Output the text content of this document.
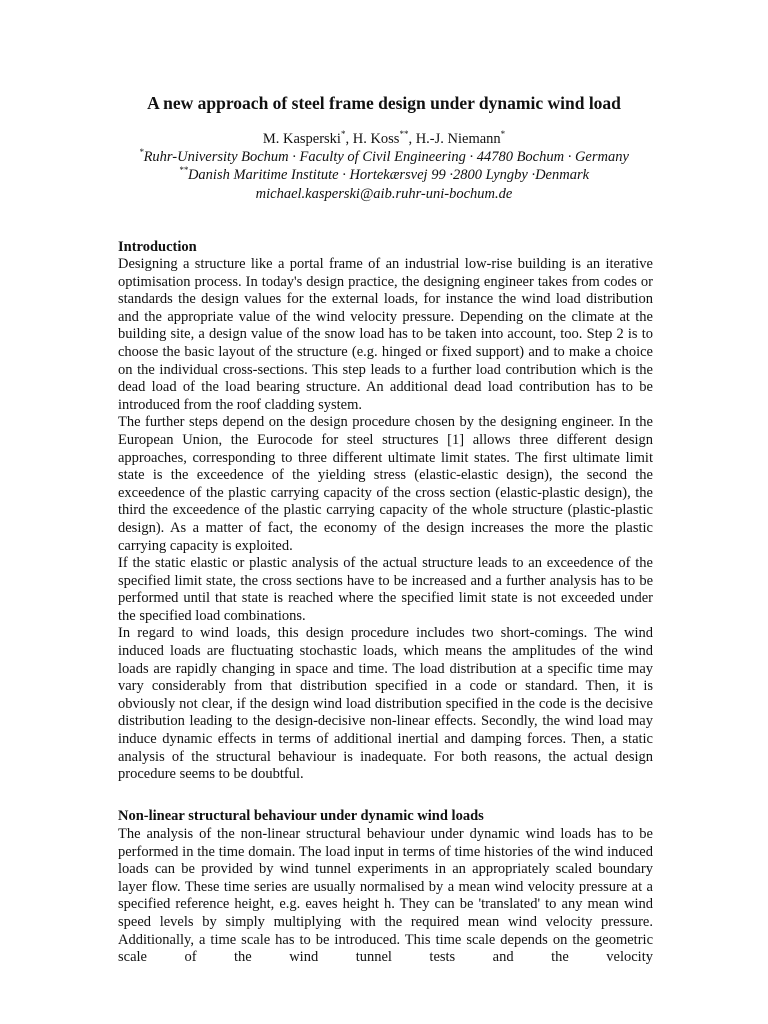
A new approach of steel frame design under dynamic wind load
M. Kasperski*, H. Koss**, H.-J. Niemann*
*Ruhr-University Bochum · Faculty of Civil Engineering · 44780 Bochum · Germany
**Danish Maritime Institute · Hortekærsvej 99 ·2800 Lyngby ·Denmark
michael.kasperski@aib.ruhr-uni-bochum.de
Introduction

Designing a structure like a portal frame of an industrial low-rise building is an iterative optimisation process. In today's design practice, the designing engineer takes from codes or standards the design values for the external loads, for instance the wind load distribution and the appropriate value of the wind velocity pressure. Depending on the climate at the building site, a design value of the snow load has to be taken into account, too. Step 2 is to choose the basic layout of the structure (e.g. hinged or fixed support) and to make a choice on the individual cross-sections. This step leads to a further load contribution which is the dead load of the load bearing structure. An additional dead load contribution has to be introduced from the roof cladding system.

The further steps depend on the design procedure chosen by the designing engineer. In the European Union, the Eurocode for steel structures [1] allows three different design approaches, corresponding to three different ultimate limit states. The first ultimate limit state is the exceedence of the yielding stress (elastic-elastic design), the second the exceedence of the plastic carrying capacity of the cross section (elastic-plastic design), the third the exceedence of the plastic carrying capacity of the whole structure (plastic-plastic design). As a matter of fact, the economy of the design increases the more the plastic carrying capacity is exploited.

If the static elastic or plastic analysis of the actual structure leads to an exceedence of the specified limit state, the cross sections have to be increased and a further analysis has to be performed until that state is reached where the specified limit state is not exceeded under the specified load combinations.

In regard to wind loads, this design procedure includes two short-comings. The wind induced loads are fluctuating stochastic loads, which means the amplitudes of the wind loads are rapidly changing in space and time. The load distribution at a specific time may vary considerably from that distribution specified in a code or standard. Then, it is obviously not clear, if the design wind load distribution specified in the code is the decisive distribution leading to the design-decisive non-linear effects. Secondly, the wind load may induce dynamic effects in terms of additional inertial and damping forces. Then, a static analysis of the structural behaviour is inadequate. For both reasons, the actual design procedure seems to be doubtful.

Non-linear structural behaviour under dynamic wind loads

The analysis of the non-linear structural behaviour under dynamic wind loads has to be performed in the time domain. The load input in terms of time histories of the wind induced loads can be provided by wind tunnel experiments in an appropriately scaled boundary layer flow. These time series are usually normalised by a mean wind velocity pressure at a specified reference height, e.g. eaves height h. They can be 'translated' to any mean wind speed levels by simply multiplying with the required mean wind velocity pressure. Additionally, a time scale has to be introduced. This time scale depends on the geometric scale of the wind tunnel tests and the velocity
